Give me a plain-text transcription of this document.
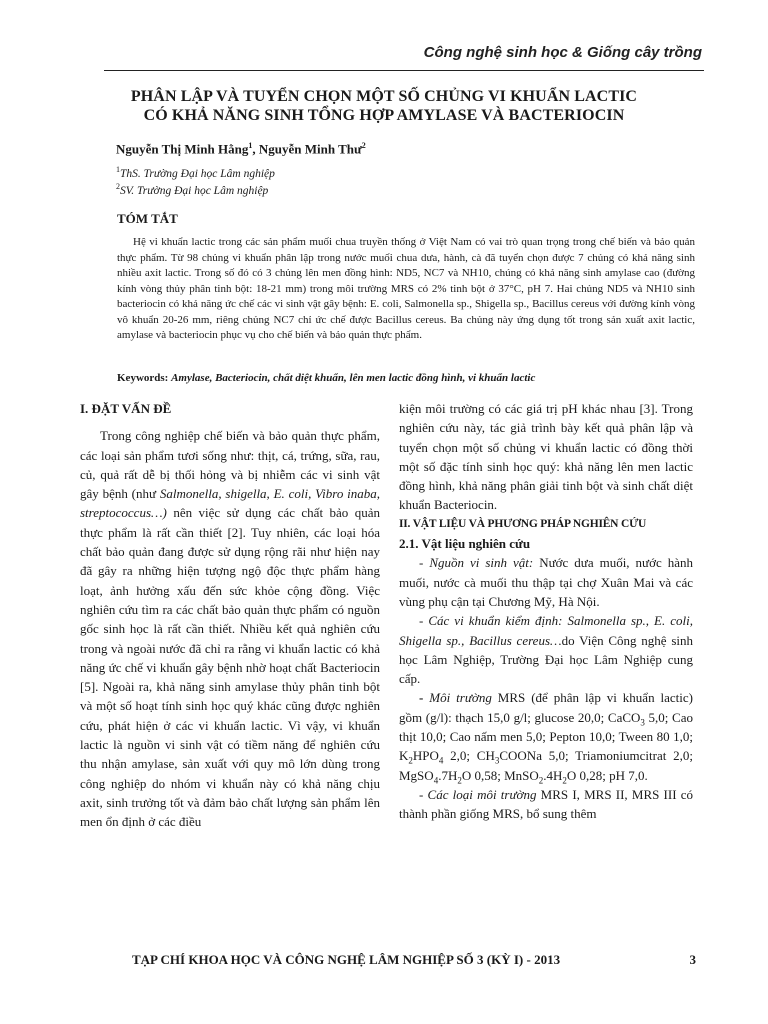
Công nghệ sinh học & Giống cây trồng
PHÂN LẬP VÀ TUYỂN CHỌN MỘT SỐ CHỦNG VI KHUẨN LACTIC
CÓ KHẢ NĂNG SINH TỔNG HỢP AMYLASE VÀ BACTERIOCIN
Nguyễn Thị Minh Hằng$^1$, Nguyễn Minh Thư$^2$
$^1$ThS. Trường Đại học Lâm nghiệp
$^2$SV. Trường Đại học Lâm nghiệp
TÓM TẮT

Hệ vi khuẩn lactic trong các sản phẩm muối chua truyền thống ở Việt Nam có vai trò quan trọng trong chế biến và bảo quản thực phẩm. Từ 98 chủng vi khuẩn phân lập trong nước muối chua dưa, hành, cà đã tuyển chọn được 7 chủng có khả năng sinh nhiều axit lactic. Trong số đó có 3 chủng lên men đồng hình: ND5, NC7 và NH10, chúng có khả năng sinh amylase cao (đường kính vòng thủy phân tinh bột: 18-21 mm) trong môi trường MRS có 2% tinh bột ở 37°C, pH 7. Hai chủng ND5 và NH10 sinh bacteriocin có khả năng ức chế các vi sinh vật gây bệnh: E. coli, Salmonella sp., Shigella sp., Bacillus cereus với đường kính vòng vô khuẩn 20-26 mm, riêng chủng NC7 chỉ ức chế được Bacillus cereus. Ba chủng này ứng dụng tốt trong sản xuất axit lactic, amylase và bacteriocin phục vụ cho chế biến và bảo quản thực phẩm.

Keywords: Amylase, Bacteriocin, chất diệt khuẩn, lên men lactic đồng hình, vi khuẩn lactic

I. ĐẶT VẤN ĐỀ

Trong công nghiệp chế biến và bảo quản thực phẩm, các loại sản phẩm tươi sống như: thịt, cá, trứng, sữa, rau, củ, quả rất dễ bị thối hỏng và bị nhiễm các vi sinh vật gây bệnh (như Salmonella, shigella, E. coli, Vibro inaba, streptococcus…) nên việc sử dụng các chất bảo quản thực phẩm là rất cần thiết [2]. Tuy nhiên, các loại hóa chất bảo quản đang được sử dụng rộng rãi như hiện nay đã gây ra những hiện tượng ngộ độc thực phẩm hàng loạt, ảnh hưởng xấu đến sức khỏe cộng đồng. Việc nghiên cứu tìm ra các chất bảo quản thực phẩm có nguồn gốc sinh học là rất cần thiết. Nhiều kết quả nghiên cứu trong và ngoài nước đã chỉ ra rằng vi khuẩn lactic có khả năng ức chế vi khuẩn gây bệnh nhờ hoạt chất Bacteriocin [5]. Ngoài ra, khả năng sinh amylase thủy phân tinh bột và một số hoạt tính sinh học quý khác cũng được nghiên cứu, phát hiện ở các vi khuẩn lactic. Vì vậy, vi khuẩn lactic là nguồn vi sinh vật có tiềm năng để nghiên cứu thu nhận amylase, sản xuất với quy mô lớn dùng trong công nghiệp do nhóm vi khuẩn này có khả năng chịu axit, sinh trưởng tốt và đảm bảo chất lượng sản phẩm lên men ổn định ở các điều

kiện môi trường có các giá trị pH khác nhau [3]. Trong nghiên cứu này, tác giả trình bày kết quả phân lập và tuyển chọn một số chủng vi khuẩn lactic có đồng thời một số đặc tính sinh học quý: khả năng lên men lactic đồng hình, khả năng phân giải tinh bột và sinh chất diệt khuẩn Bacteriocin.

II. VẬT LIỆU VÀ PHƯƠNG PHÁP NGHIÊN CỨU

2.1. Vật liệu nghiên cứu

- Nguồn vi sinh vật: Nước dưa muối, nước hành muối, nước cà muối thu thập tại chợ Xuân Mai và các vùng phụ cận tại Chương Mỹ, Hà Nội.

- Các vi khuẩn kiểm định: Salmonella sp., E. coli, Shigella sp., Bacillus cereus…do Viện Công nghệ sinh học Lâm Nghiệp, Trường Đại học Lâm Nghiệp cung cấp.

- Môi trường MRS (để phân lập vi khuẩn lactic) gồm (g/l): thạch 15,0 g/l; glucose 20,0; CaCO$_3$ 5,0; Cao thịt 10,0; Cao nấm men 5,0; Pepton 10,0; Tween 80 1,0; $K_2HPO_4$ 2,0; $CH_3COONa$ 5,0; Triamoniumcitrat 2,0; $MgSO_4.7H_2O$ 0,58; $MnSO_2.4H_2O$ 0,28; pH 7,0.

- Các loại môi trường MRS I, MRS II, MRS III có thành phần giống MRS, bổ sung thêm

TẠP CHÍ KHOA HỌC VÀ CÔNG NGHỆ LÂM NGHIỆP SỐ 3 (KỲ I) - 2013	3
